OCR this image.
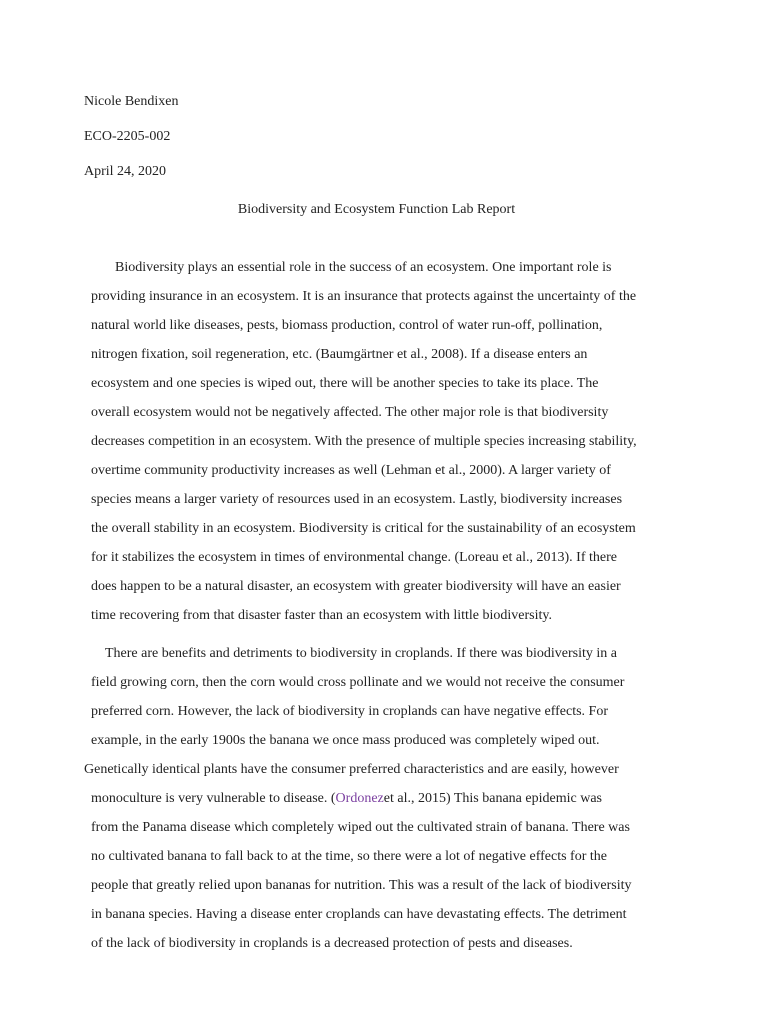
Nicole Bendixen
ECO-2205-002
April 24, 2020
Biodiversity and Ecosystem Function Lab Report
Biodiversity plays an essential role in the success of an ecosystem. One important role is
providing insurance in an ecosystem. It is an insurance that protects against the uncertainty of the
natural world like diseases, pests, biomass production, control of water run-off, pollination,
nitrogen fixation, soil regeneration, etc. (Baumgärtner et al., 2008). If a disease enters an
ecosystem and one species is wiped out, there will be another species to take its place. The
overall ecosystem would not be negatively affected. The other major role is that biodiversity
decreases competition in an ecosystem. With the presence of multiple species increasing stability,
overtime community productivity increases as well (Lehman et al., 2000). A larger variety of
species means a larger variety of resources used in an ecosystem. Lastly, biodiversity increases
the overall stability in an ecosystem. Biodiversity is critical for the sustainability of an ecosystem
for it stabilizes the ecosystem in times of environmental change. (Loreau et al., 2013). If there
does happen to be a natural disaster, an ecosystem with greater biodiversity will have an easier
time recovering from that disaster faster than an ecosystem with little biodiversity.
There are benefits and detriments to biodiversity in croplands. If there was biodiversity in a
field growing corn, then the corn would cross pollinate and we would not receive the consumer
preferred corn. However, the lack of biodiversity in croplands can have negative effects. For
example, in the early 1900s the banana we once mass produced was completely wiped out.
Genetically identical plants have the consumer preferred characteristics and are easily, however
monoculture is very vulnerable to disease. (Ordonezet al., 2015) This banana epidemic was
from the Panama disease which completely wiped out the cultivated strain of banana. There was
no cultivated banana to fall back to at the time, so there were a lot of negative effects for the
people that greatly relied upon bananas for nutrition. This was a result of the lack of biodiversity
in banana species. Having a disease enter croplands can have devastating effects. The detriment
of the lack of biodiversity in croplands is a decreased protection of pests and diseases.
